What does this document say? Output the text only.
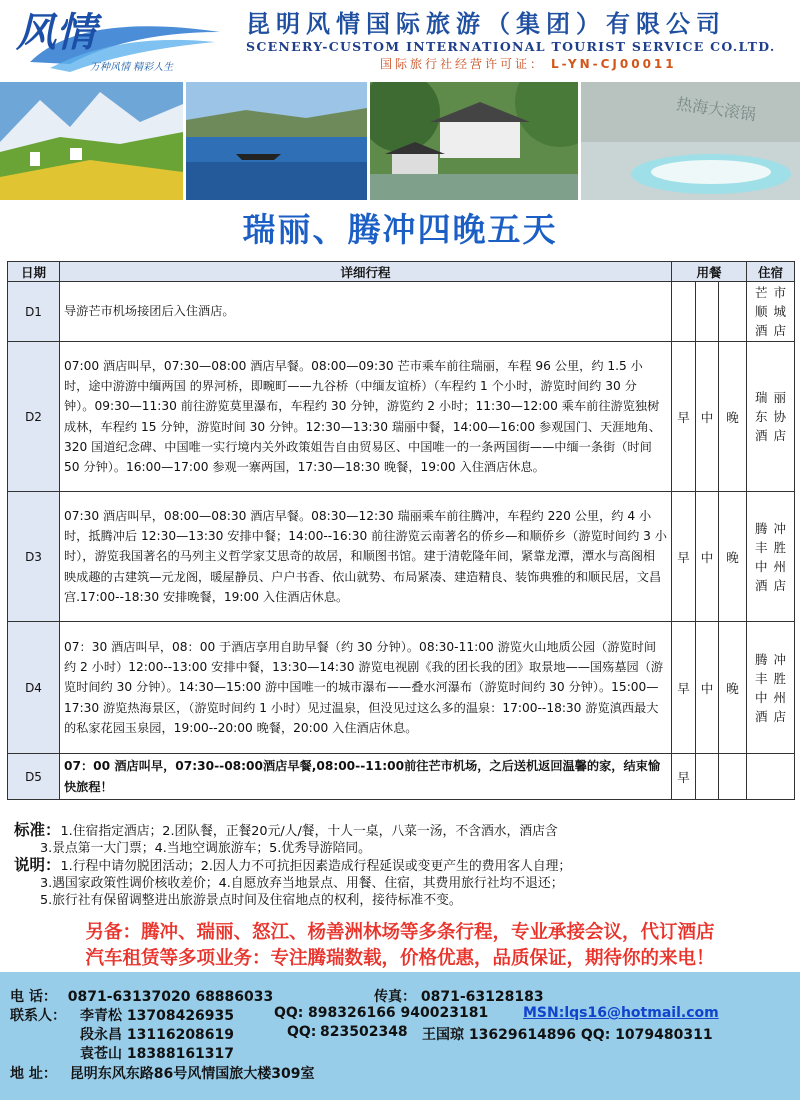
风情
万种风情 精彩人生
昆明风情国际旅游（集团）有限公司
SCENERY-CUSTOM INTERNATIONAL TOURIST SERVICE CO.LTD.
国际旅行社经营许可证： L-YN-CJ00011
热海大滚锅
瑞丽、腾冲四晚五天
日期	详细行程	用餐			住宿
D1	导游芒市机场接团后入住酒店。				芒市顺城酒店
D2	07:00 酒店叫早，07:30—08:00 酒店早餐。08:00—09:30 芒市乘车前往瑞丽，车程 96 公里，约 1.5 小时，途中游游中缅两国 的界河桥，即畹町——九谷桥（中缅友谊桥）（车程约 1 个小时，游览时间约 30 分钟）。09:30—11:30 前往游览莫里瀑布，车程约 30 分钟，游览约 2 小时；11:30—12:00 乘车前往游览独树成林，车程约 15 分钟，游览时间 30 分钟。12:30—13:30 瑞丽中餐，14:00—16:00 参观国门、天涯地角、320 国道纪念碑、中国唯一实行境内关外政策姐告自由贸易区、中国唯一的一条两国街——中缅一条街（时间 50 分钟）。16:00—17:00 参观一寨两国，17:30—18:30 晚餐，19:00 入住酒店休息。	早	中	晚	瑞丽东协酒店
D3	07:30 酒店叫早，08:00—08:30 酒店早餐。08:30—12:30 瑞丽乘车前往腾冲，车程约 220 公里，约 4 小时，抵腾冲后 12:30—13:30 安排中餐；14:00--16:30 前往游览云南著名的侨乡—和顺侨乡（游览时间约 3 小时），游览我国著名的马列主义哲学家艾思奇的故居，和顺图书馆。建于清乾隆年间，紧靠龙潭，潭水与高阁相映成趣的古建筑—元龙阁，暖屋静员、户户书香、依山就势、布局紧凑、建造精良、装饰典雅的和顺民居，文昌宫.17:00--18:30 安排晚餐，19:00 入住酒店休息。	早	中	晚	腾冲丰胜中州酒店
D4	07：30 酒店叫早，08：00 于酒店享用自助早餐（约 30 分钟）。08:30-11:00 游览火山地质公园（游览时间约 2 小时）12:00--13:00 安排中餐，13:30—14:30 游览电视剧《我的团长我的团》取景地——国殇墓园（游览时间约 30 分钟）。14:30—15:00 游中国唯一的城市瀑布——叠水河瀑布（游览时间约 30 分钟）。15:00—17:30 游览热海景区，（游览时间约 1 小时）见过温泉，但没见过这么多的温泉：17:00--18:30 游览滇西最大的私家花园玉泉园，19:00--20:00 晚餐，20:00 入住酒店休息。	早	中	晚	腾冲丰胜中州酒店
D5	07：00 酒店叫早，07:30--08:00酒店早餐,08:00--11:00前往芒市机场，之后送机返回温馨的家，结束愉快旅程！	早			
标准：1.住宿指定酒店；2.团队餐，正餐20元/人/餐，十人一桌，八菜一汤，不含酒水，酒店含
3.景点第一大门票；4.当地空调旅游车；5.优秀导游陪同。
说明：1.行程中请勿脱团活动；2.因人力不可抗拒因素造成行程延误或变更产生的费用客人自理；
3.遇国家政策性调价核收差价；4.自愿放弃当地景点、用餐、住宿，其费用旅行社均不退还；
5.旅行社有保留调整进出旅游景点时间及住宿地点的权利，接待标准不变。
另备：腾冲、瑞丽、怒江、杨善洲林场等多条行程，专业承接会议，代订酒店
汽车租赁等多项业务：专注腾瑞数载，价格优惠，品质保证，期待你的来电！
电 话： 0871-63137020 68886033	传真： 0871-63128183
联系人： 李青松 13708426935	QQ: 898326166 940023181 MSN:lqs16@hotmail.com
段永昌 13116208619	QQ: 823502348 王国琼 13629614896 QQ: 1079480311
袁苍山 18388161317
地 址： 昆明东风东路86号风情国旅大楼309室
